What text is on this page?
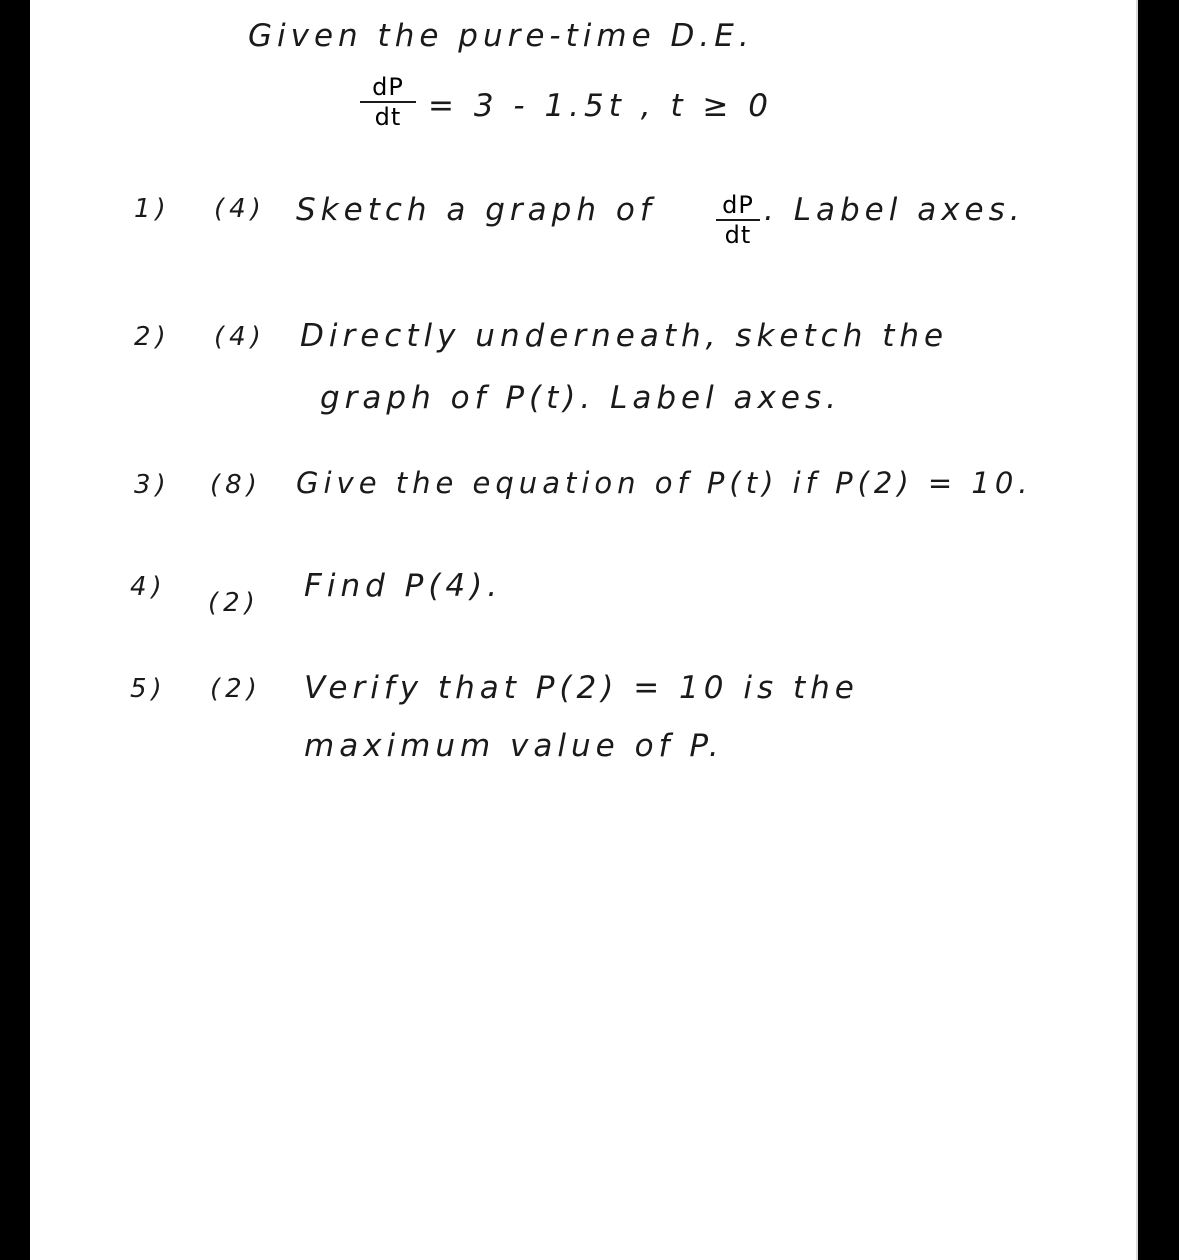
Given the pure-time D.E.
dP
dt = 3 - 1.5t , t ≥ 0
1) (4) Sketch a graph of	dP
dt
. Label axes.
2) (4) Directly underneath, sketch the
graph of P(t). Label axes.
3) (8) Give the equation of P(t) if P(2) = 10.
4)
(2) Find P(4).
5) (2) Verify that P(2) = 10 is the
maximum value of P.
